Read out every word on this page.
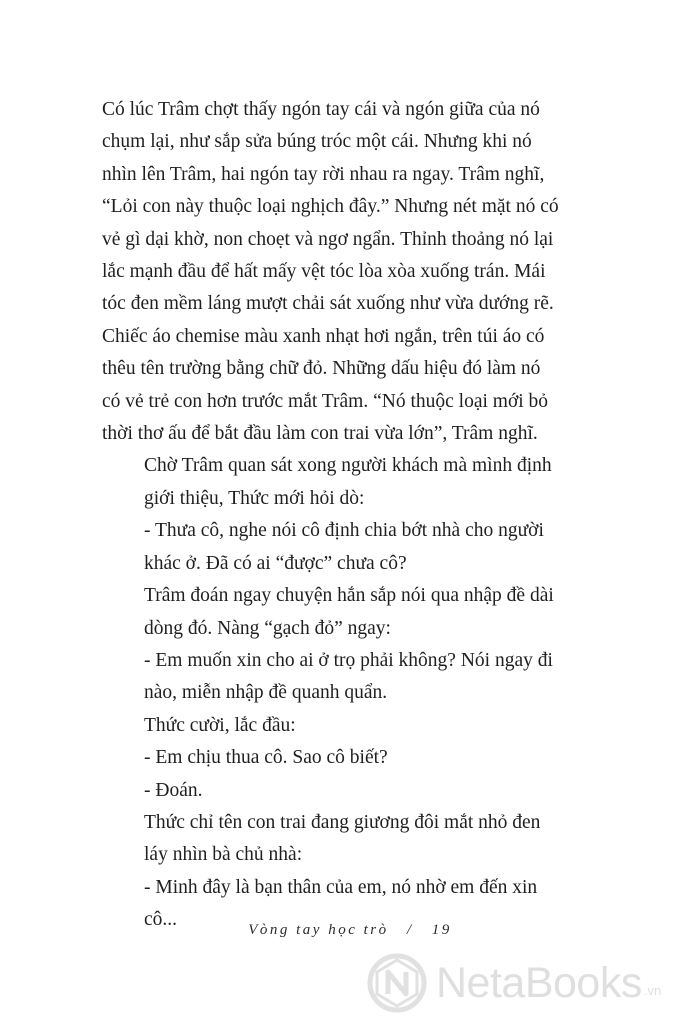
Có lúc Trâm chợt thấy ngón tay cái và ngón giữa của nó
chụm lại, như sắp sửa búng tróc một cái. Nhưng khi nó
nhìn lên Trâm, hai ngón tay rời nhau ra ngay. Trâm nghĩ,
“Lỏi con này thuộc loại nghịch đây.” Nhưng nét mặt nó có
vẻ gì dại khờ, non choẹt và ngơ ngẩn. Thỉnh thoảng nó lại
lắc mạnh đầu để hất mấy vệt tóc lòa xòa xuống trán. Mái
tóc đen mềm láng mượt chải sát xuống như vừa dướng rẽ.
Chiếc áo chemise màu xanh nhạt hơi ngắn, trên túi áo có
thêu tên trường bằng chữ đỏ. Những dấu hiệu đó làm nó
có vẻ trẻ con hơn trước mắt Trâm. “Nó thuộc loại mới bỏ
thời thơ ấu để bắt đầu làm con trai vừa lớn”, Trâm nghĩ.

Chờ Trâm quan sát xong người khách mà mình định
giới thiệu, Thức mới hỏi dò:

- Thưa cô, nghe nói cô định chia bớt nhà cho người
khác ở. Đã có ai “được” chưa cô?

Trâm đoán ngay chuyện hắn sắp nói qua nhập đề dài
dòng đó. Nàng “gạch đỏ” ngay:

- Em muốn xin cho ai ở trọ phải không? Nói ngay đi
nào, miễn nhập đề quanh quẩn.

Thức cười, lắc đầu:

- Em chịu thua cô. Sao cô biết?

- Đoán.

Thức chỉ tên con trai đang giương đôi mắt nhỏ đen
láy nhìn bà chủ nhà:

- Minh đây là bạn thân của em, nó nhờ em đến xin
cô...	Vòng tay học trò / 19
NetaBooks .vn
